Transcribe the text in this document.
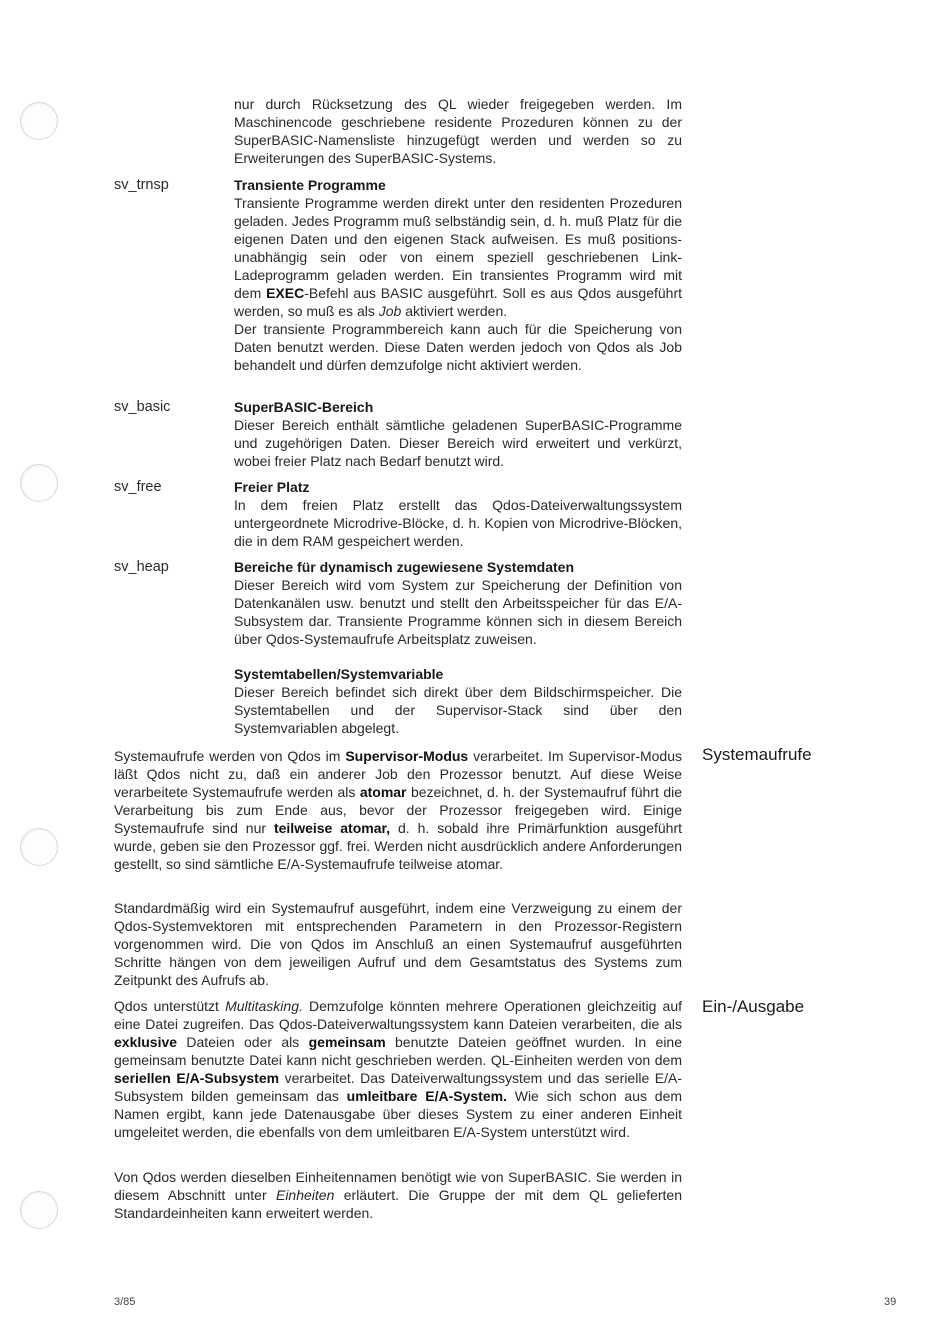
nur durch Rücksetzung des QL wieder freigegeben werden. Im Maschinencode geschriebene residente Prozeduren können zu der SuperBASIC-Namensliste hinzugefügt werden und werden so zu Erweiterungen des SuperBASIC-Systems.

sv_trnsp	Transiente Programme

Transiente Programme werden direkt unter den residenten Prozeduren geladen. Jedes Programm muß selbständig sein, d. h. muß Platz für die eigenen Daten und den eigenen Stack aufweisen. Es muß positions-unabhängig sein oder von einem speziell geschriebenen Link-Ladeprogramm geladen werden. Ein transientes Programm wird mit dem EXEC-Befehl aus BASIC ausgeführt. Soll es aus Qdos ausgeführt werden, so muß es als Job aktiviert werden.

Der transiente Programmbereich kann auch für die Speicherung von Daten benutzt werden. Diese Daten werden jedoch von Qdos als Job behandelt und dürfen demzufolge nicht aktiviert werden.

sv_basic	SuperBASIC-Bereich

Dieser Bereich enthält sämtliche geladenen SuperBASIC-Programme und zugehörigen Daten. Dieser Bereich wird erweitert und verkürzt, wobei freier Platz nach Bedarf benutzt wird.

sv_free	Freier Platz

In dem freien Platz erstellt das Qdos-Dateiverwaltungssystem untergeordnete Microdrive-Blöcke, d. h. Kopien von Microdrive-Blöcken, die in dem RAM gespeichert werden.

sv_heap	Bereiche für dynamisch zugewiesene Systemdaten

Dieser Bereich wird vom System zur Speicherung der Definition von Datenkanälen usw. benutzt und stellt den Arbeitsspeicher für das E/A-Subsystem dar. Transiente Programme können sich in diesem Bereich über Qdos-Systemaufrufe Arbeitsplatz zuweisen.

Systemtabellen/Systemvariable

Dieser Bereich befindet sich direkt über dem Bildschirmspeicher. Die Systemtabellen und der Supervisor-Stack sind über den Systemvariablen abgelegt.

Systemaufrufe

Systemaufrufe werden von Qdos im Supervisor-Modus verarbeitet. Im Supervisor-Modus läßt Qdos nicht zu, daß ein anderer Job den Prozessor benutzt. Auf diese Weise verarbeitete Systemaufrufe werden als atomar bezeichnet, d. h. der Systemaufruf führt die Verarbeitung bis zum Ende aus, bevor der Prozessor freigegeben wird. Einige Systemaufrufe sind nur teilweise atomar, d. h. sobald ihre Primärfunktion ausgeführt wurde, geben sie den Prozessor ggf. frei. Werden nicht ausdrücklich andere Anforderungen gestellt, so sind sämtliche E/A-Systemaufrufe teilweise atomar.

Standardmäßig wird ein Systemaufruf ausgeführt, indem eine Verzweigung zu einem der Qdos-Systemvektoren mit entsprechenden Parametern in den Prozessor-Registern vorgenommen wird. Die von Qdos im Anschluß an einen Systemaufruf ausgeführten Schritte hängen von dem jeweiligen Aufruf und dem Gesamtstatus des Systems zum Zeitpunkt des Aufrufs ab.

Ein-/Ausgabe

Qdos unterstützt Multitasking. Demzufolge könnten mehrere Operationen gleichzeitig auf eine Datei zugreifen. Das Qdos-Dateiverwaltungssystem kann Dateien verarbeiten, die als exklusive Dateien oder als gemeinsam benutzte Dateien geöffnet wurden. In eine gemeinsam benutzte Datei kann nicht geschrieben werden. QL-Einheiten werden von dem seriellen E/A-Subsystem verarbeitet. Das Dateiverwaltungssystem und das serielle E/A-Subsystem bilden gemeinsam das umleitbare E/A-System. Wie sich schon aus dem Namen ergibt, kann jede Datenausgabe über dieses System zu einer anderen Einheit umgeleitet werden, die ebenfalls von dem umleitbaren E/A-System unterstützt wird.

Von Qdos werden dieselben Einheitennamen benötigt wie von SuperBASIC. Sie werden in diesem Abschnitt unter Einheiten erläutert. Die Gruppe der mit dem QL gelieferten Standardeinheiten kann erweitert werden.

3/85	39
